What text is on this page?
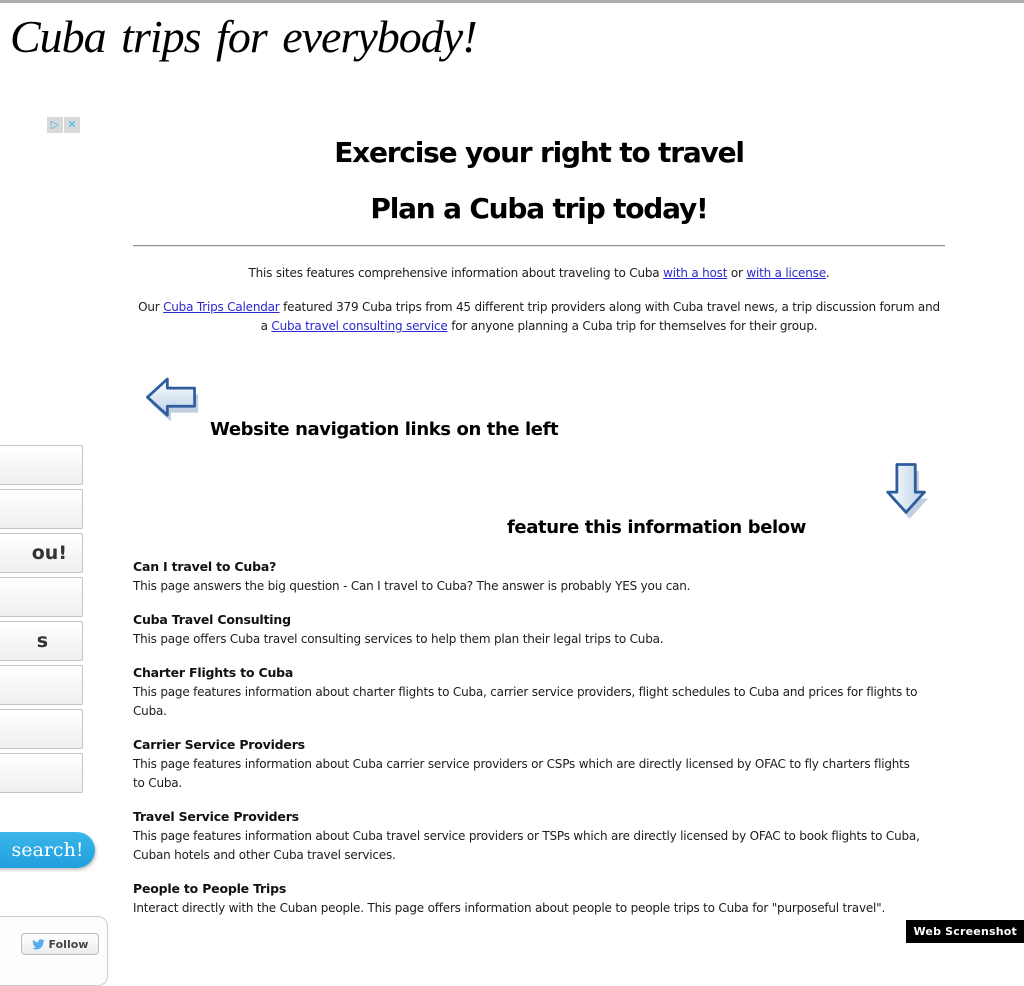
Cuba trips for everybody!
▷ ✕
ou!
s
search!
Follow
Exercise your right to travel
Plan a Cuba trip today!
This sites features comprehensive information about traveling to Cuba with a host or with a license.
Our Cuba Trips Calendar featured 379 Cuba trips from 45 different trip providers along with Cuba travel news, a trip discussion forum and a Cuba travel consulting service for anyone planning a Cuba trip for themselves for their group.
Website navigation links on the left
feature this information below
Can I travel to Cuba?

This page answers the big question - Can I travel to Cuba? The answer is probably YES you can.

Cuba Travel Consulting

This page offers Cuba travel consulting services to help them plan their legal trips to Cuba.

Charter Flights to Cuba

This page features information about charter flights to Cuba, carrier service providers, flight schedules to Cuba and prices for flights to Cuba.

Carrier Service Providers

This page features information about Cuba carrier service providers or CSPs which are directly licensed by OFAC to fly charters flights to Cuba.

Travel Service Providers

This page features information about Cuba travel service providers or TSPs which are directly licensed by OFAC to book flights to Cuba, Cuban hotels and other Cuba travel services.

People to People Trips

Interact directly with the Cuban people. This page offers information about people to people trips to Cuba for "purposeful travel".

Web Screenshot
